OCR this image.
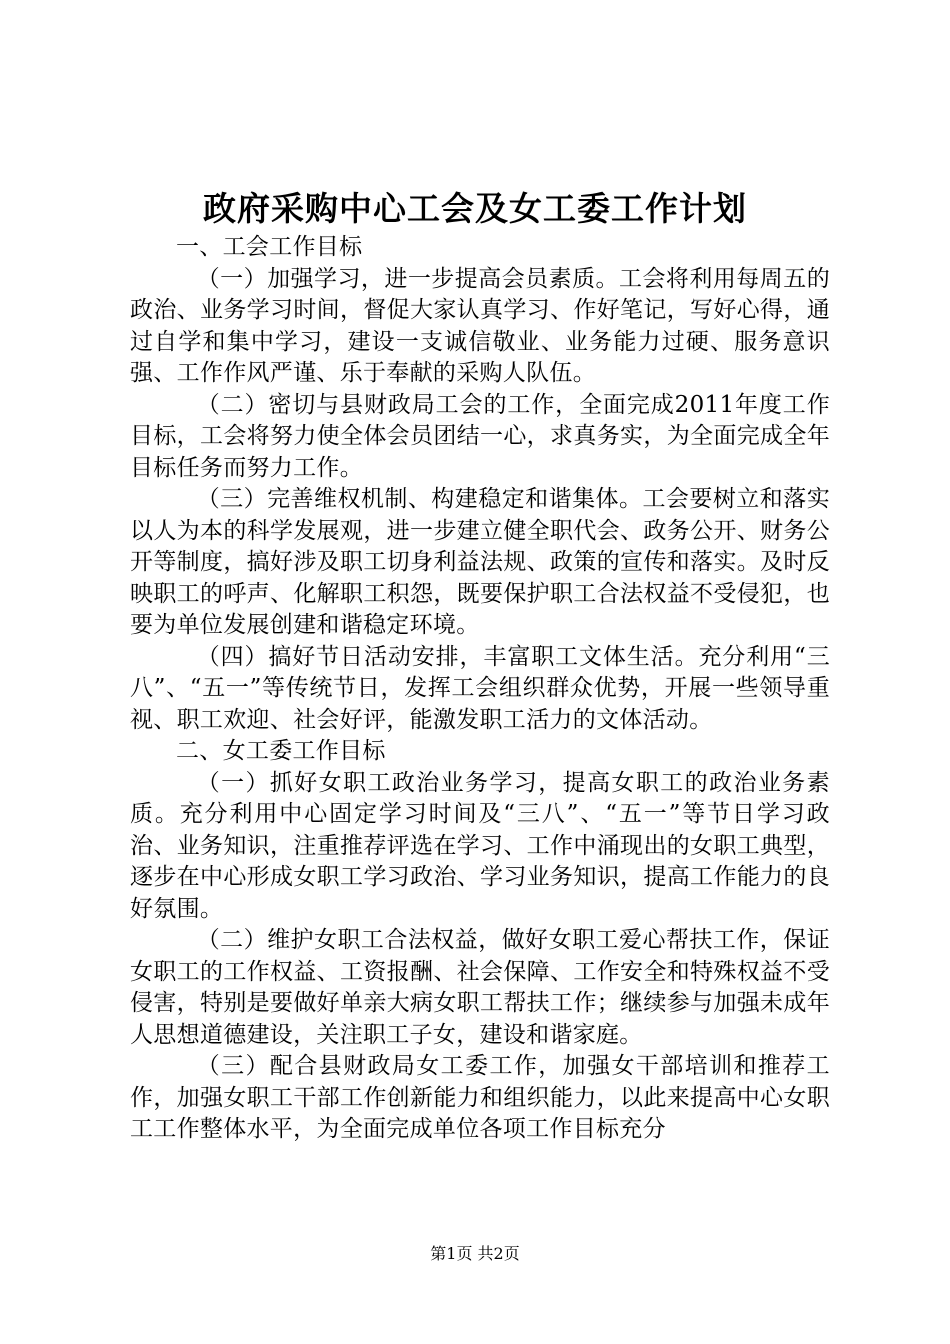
政府采购中心工会及女工委工作计划

一、工会工作目标

（一）加强学习，进一步提高会员素质。工会将利用每周五的政治、业务学习时间，督促大家认真学习、作好笔记，写好心得，通过自学和集中学习，建设一支诚信敬业、业务能力过硬、服务意识强、工作作风严谨、乐于奉献的采购人队伍。

（二）密切与县财政局工会的工作，全面完成2011年度工作目标，工会将努力使全体会员团结一心，求真务实，为全面完成全年目标任务而努力工作。

（三）完善维权机制、构建稳定和谐集体。工会要树立和落实以人为本的科学发展观，进一步建立健全职代会、政务公开、财务公开等制度，搞好涉及职工切身利益法规、政策的宣传和落实。及时反映职工的呼声、化解职工积怨，既要保护职工合法权益不受侵犯，也要为单位发展创建和谐稳定环境。

（四）搞好节日活动安排，丰富职工文体生活。充分利用“三八”、“五一”等传统节日，发挥工会组织群众优势，开展一些领导重视、职工欢迎、社会好评，能激发职工活力的文体活动。

二、女工委工作目标

（一）抓好女职工政治业务学习，提高女职工的政治业务素质。充分利用中心固定学习时间及“三八”、“五一”等节日学习政治、业务知识，注重推荐评选在学习、工作中涌现出的女职工典型，逐步在中心形成女职工学习政治、学习业务知识，提高工作能力的良好氛围。

（二）维护女职工合法权益，做好女职工爱心帮扶工作，保证女职工的工作权益、工资报酬、社会保障、工作安全和特殊权益不受侵害，特别是要做好单亲大病女职工帮扶工作；继续参与加强未成年人思想道德建设，关注职工子女，建设和谐家庭。

（三）配合县财政局女工委工作，加强女干部培训和推荐工作，加强女职工干部工作创新能力和组织能力，以此来提高中心女职工工作整体水平，为全面完成单位各项工作目标充分

第1页 共2页
